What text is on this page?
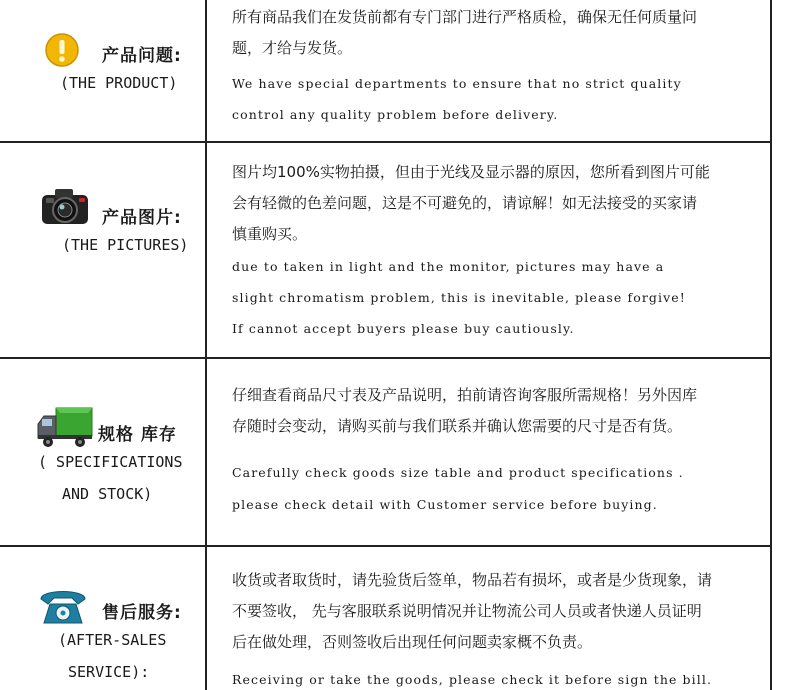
产品问题:
(THE PRODUCT)
所有商品我们在发货前都有专门部门进行严格质检，确保无任何质量问
题，才给与发货。
We have special departments to ensure that no strict quality
control any quality problem before delivery.
产品图片:
(THE PICTURES)
图片均100%实物拍摄，但由于光线及显示器的原因，您所看到图片可能
会有轻微的色差问题，这是不可避免的，请谅解！如无法接受的买家请
慎重购买。
due to taken in light and the monitor, pictures may have a
slight chromatism problem, this is inevitable, please forgive!
If cannot accept buyers please buy cautiously.
规格 库存
( SPECIFICATIONS
AND STOCK)
仔细查看商品尺寸表及产品说明，拍前请咨询客服所需规格！另外因库
存随时会变动，请购买前与我们联系并确认您需要的尺寸是否有货。
Carefully check goods size table and product specifications .
please check detail with Customer service before buying.
售后服务:
(AFTER-SALES
SERVICE):
收货或者取货时，请先验货后签单，物品若有损坏，或者是少货现象，请
不要签收， 先与客服联系说明情况并让物流公司人员或者快递人员证明
后在做处理，否则签收后出现任何问题卖家概不负责。
Receiving or take the goods, please check it before sign the bill.
